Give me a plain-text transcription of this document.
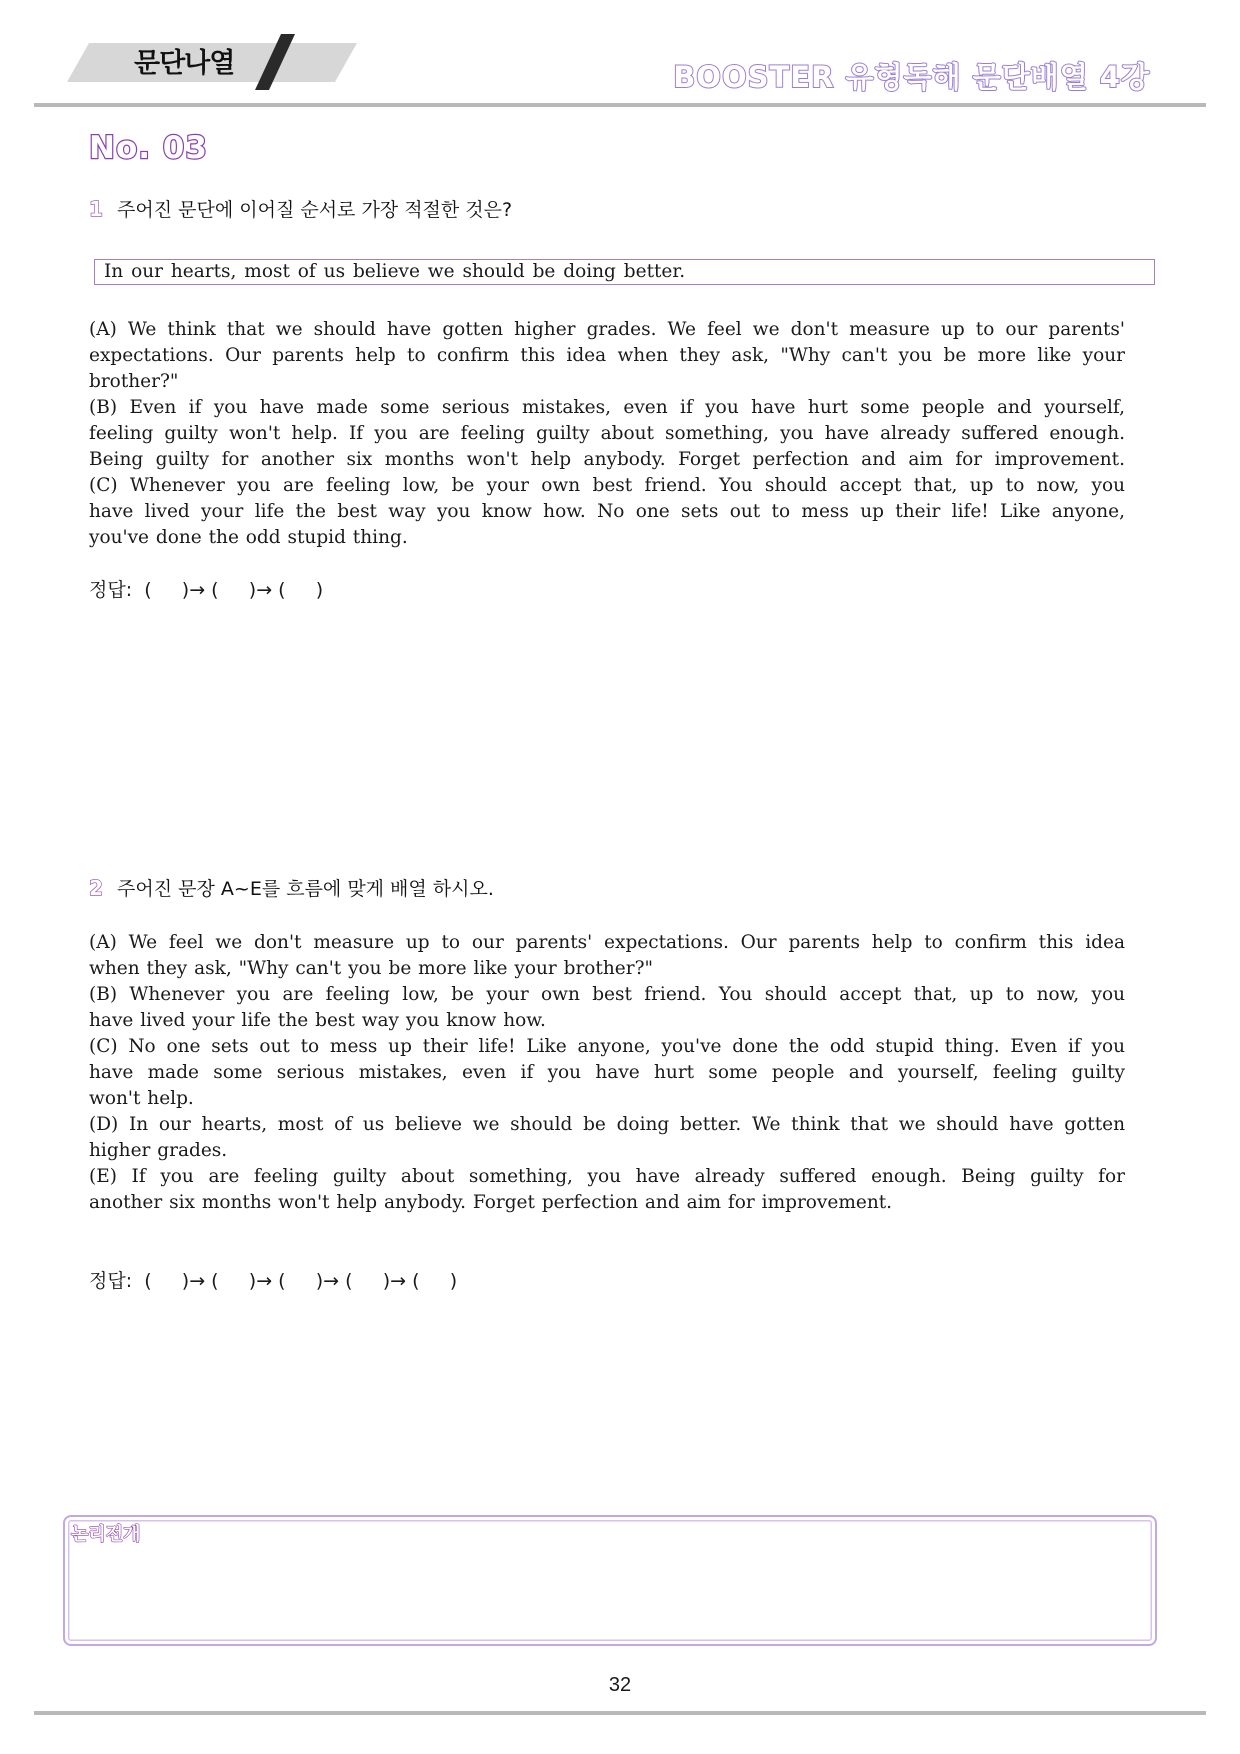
문단나열	BOOSTER 유형독해 문단배열 4강
No. 03
1 주어진 문단에 이어질 순서로 가장 적절한 것은?
In our hearts, most of us believe we should be doing better.
(A) We think that we should have gotten higher grades. We feel we don't measure up to our parents'
expectations. Our parents help to confirm this idea when they ask, "Why can't you be more like your
brother?"
(B) Even if you have made some serious mistakes, even if you have hurt some people and yourself,
feeling guilty won't help. If you are feeling guilty about something, you have already suffered enough.
Being guilty for another six months won't help anybody. Forget perfection and aim for improvement.
(C) Whenever you are feeling low, be your own best friend. You should accept that, up to now, you
have lived your life the best way you know how. No one sets out to mess up their life! Like anyone,
you've done the odd stupid thing.
정답:  (     )→ (     )→ (     )
2 주어진 문장 A~E를 흐름에 맞게 배열 하시오.
(A) We feel we don't measure up to our parents' expectations. Our parents help to confirm this idea
when they ask, "Why can't you be more like your brother?"
(B) Whenever you are feeling low, be your own best friend. You should accept that, up to now, you
have lived your life the best way you know how.
(C) No one sets out to mess up their life! Like anyone, you've done the odd stupid thing. Even if you
have made some serious mistakes, even if you have hurt some people and yourself, feeling guilty
won't help.
(D) In our hearts, most of us believe we should be doing better. We think that we should have gotten
higher grades.
(E) If you are feeling guilty about something, you have already suffered enough. Being guilty for
another six months won't help anybody. Forget perfection and aim for improvement.
정답:  (     )→ (     )→ (     )→ (     )→ (     )
논리전개
32
